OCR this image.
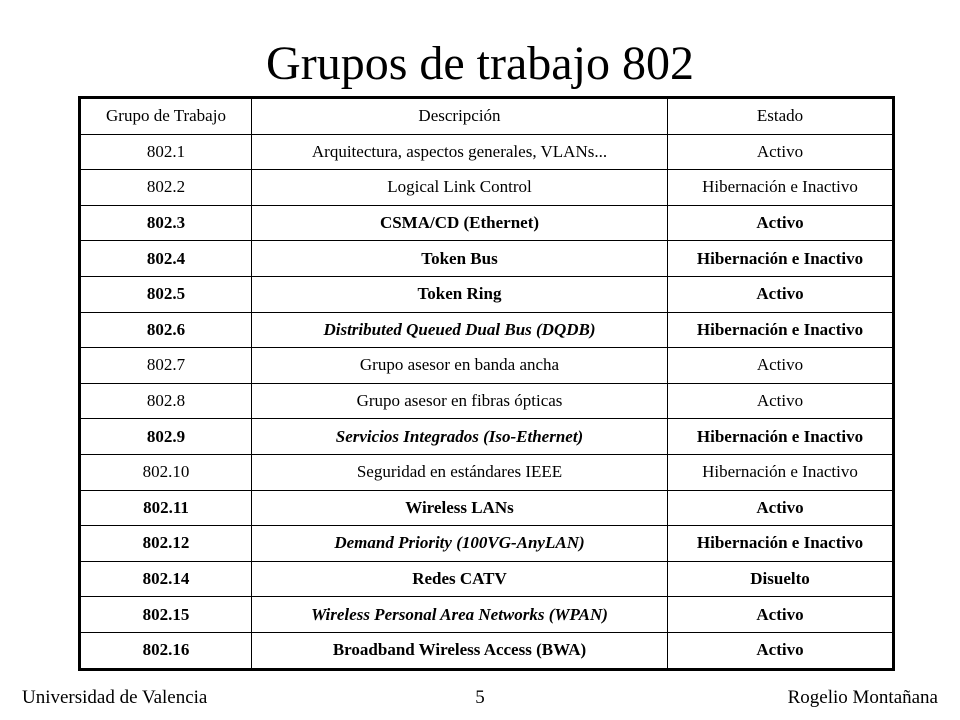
Grupos de trabajo 802
Grupo de Trabajo	Descripción	Estado
802.1	Arquitectura, aspectos generales, VLANs...	Activo
802.2	Logical Link Control	Hibernación e Inactivo
802.3	CSMA/CD (Ethernet)	Activo
802.4	Token Bus	Hibernación e Inactivo
802.5	Token Ring	Activo
802.6	Distributed Queued Dual Bus (DQDB)	Hibernación e Inactivo
802.7	Grupo asesor en banda ancha	Activo
802.8	Grupo asesor en fibras ópticas	Activo
802.9	Servicios Integrados (Iso-Ethernet)	Hibernación e Inactivo
802.10	Seguridad en estándares IEEE	Hibernación e Inactivo
802.11	Wireless LANs	Activo
802.12	Demand Priority (100VG-AnyLAN)	Hibernación e Inactivo
802.14	Redes CATV	Disuelto
802.15	Wireless Personal Area Networks (WPAN)	Activo
802.16	Broadband Wireless Access (BWA)	Activo
5
Universidad de Valencia	Rogelio Montañana
